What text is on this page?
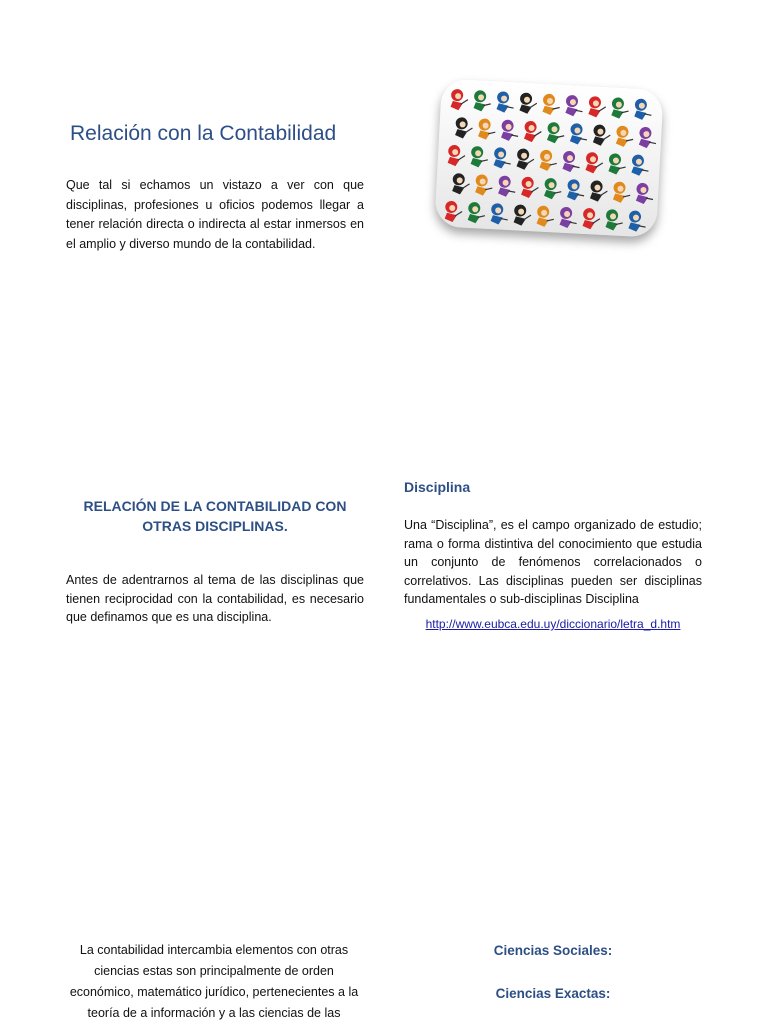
Relación con la Contabilidad
Que tal si echamos un vistazo a ver con que disciplinas, profesiones u oficios podemos llegar a tener relación directa o indirecta al estar inmersos en el amplio y diverso mundo de la contabilidad.
RELACIÓN DE LA CONTABILIDAD CON
OTRAS DISCIPLINAS.
Antes de adentrarnos al tema de las disciplinas que tienen reciprocidad con la contabilidad, es necesario que definamos que es una disciplina.
Disciplina
Una “Disciplina”, es el campo organizado de estudio; rama o forma distintiva del conocimiento que estudia un conjunto de fenómenos correlacionados o correlativos. Las disciplinas pueden ser disciplinas fundamentales o sub-disciplinas Disciplina
http://www.eubca.edu.uy/diccionario/letra_d.htm
La contabilidad intercambia elementos con otras
ciencias estas son principalmente de orden
económico, matemático jurídico, pertenecientes a la
teoría de a información y a las ciencias de las
Ciencias Sociales:
Ciencias Exactas:
